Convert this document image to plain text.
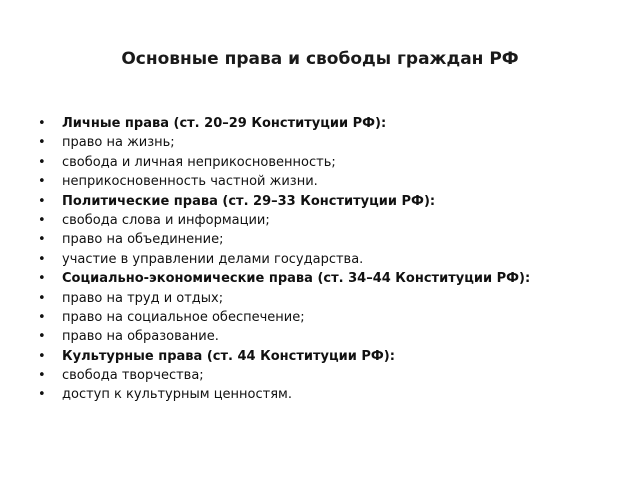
Основные права и свободы граждан РФ
•	Личные права (ст. 20–29 Конституции РФ):
•	право на жизнь;
•	свобода и личная неприкосновенность;
•	неприкосновенность частной жизни.
•	Политические права (ст. 29–33 Конституции РФ):
•	свобода слова и информации;
•	право на объединение;
•	участие в управлении делами государства.
•	Социально-экономические права (ст. 34–44 Конституции РФ):
•	право на труд и отдых;
•	право на социальное обеспечение;
•	право на образование.
•	Культурные права (ст. 44 Конституции РФ):
•	свобода творчества;
•	доступ к культурным ценностям.
